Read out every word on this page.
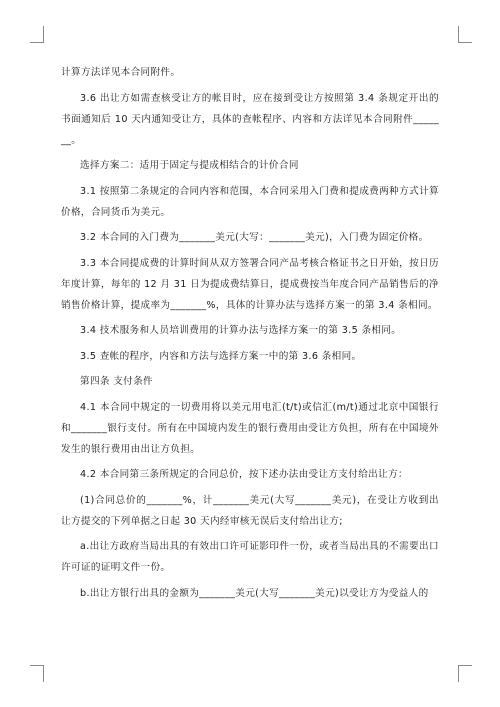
计算方法详见本合同附件。

3.6 出让方如需查核受让方的帐目时，应在接到受让方按照第 3.4 条规定开出的书面通知后 10 天内通知受让方，具体的查帐程序、内容和方法详见本合同附件_______。

选择方案二：适用于固定与提成相结合的计价合同

3.1 按照第二条规定的合同内容和范围，本合同采用入门费和提成费两种方式计算价格，合同货币为美元。

3.2 本合同的入门费为_______美元(大写：_______美元)，入门费为固定价格。

3.3 本合同提成费的计算时间从双方签署合同产品考核合格证书之日开始，按日历年度计算，每年的 12 月 31 日为提成费结算日，提成费按当年度合同产品销售后的净销售价格计算，提成率为_______%，具体的计算办法与选择方案一的第 3.4 条相同。

3.4 技术服务和人员培训费用的计算办法与选择方案一的第 3.5 条相同。

3.5 查帐的程序，内容和方法与选择方案一中的第 3.6 条相同。

第四条 支付条件

4.1 本合同中规定的一切费用将以美元用电汇(t/t)或信汇(m/t)通过北京中国银行和_______银行支付。所有在中国境内发生的银行费用由受让方负担，所有在中国境外发生的银行费用由出让方负担。

4.2 本合同第三条所规定的合同总价，按下述办法由受让方支付给出让方：

(1)合同总价的_______%，计_______美元(大写_______美元)，在受让方收到出让方提交的下列单据之日起 30 天内经审核无误后支付给出让方;

a.出让方政府当局出具的有效出口许可证影印件一份，或者当局出具的不需要出口许可证的证明文件一份。

b.出让方银行出具的金额为_______美元(大写_______美元)以受让方为受益人的
